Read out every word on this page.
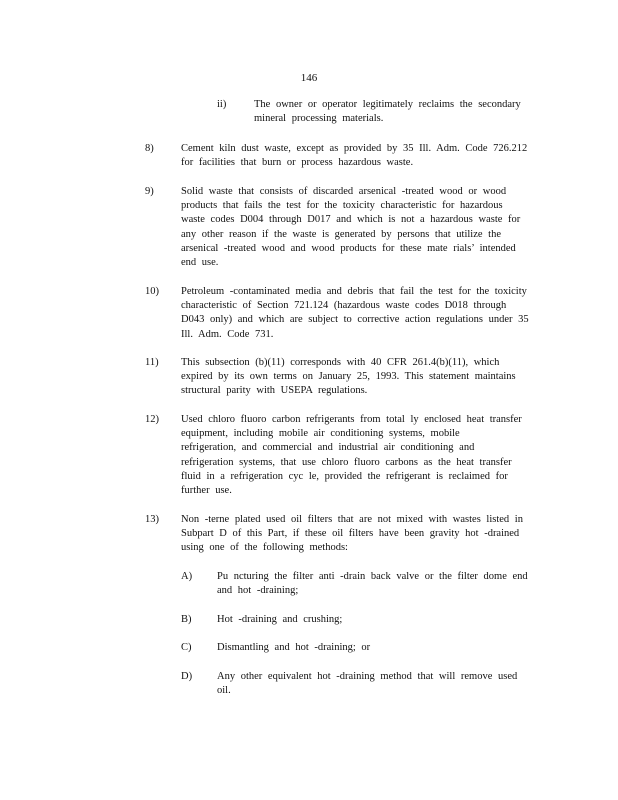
146
ii)	The owner or operator legitimately reclaims the secondary
mineral processing materials.
8)	Cement kiln dust waste, except as provided by 35 Ill. Adm. Code 726.212
for facilities that burn or process hazardous waste.
9)	Solid waste that consists of discarded arsenical -treated wood or wood
products that fails the test for the toxicity characteristic for hazardous
waste codes D004 through D017 and which is not a hazardous waste for
any other reason if the waste is generated by persons that utilize the
arsenical -treated wood and wood products for these mate rials’ intended
end use.
10) Petroleum -contaminated media and debris that fail the test for the toxicity
characteristic of Section 721.124 (hazardous waste codes D018 through
D043 only) and which are subject to corrective action regulations under 35
Ill. Adm. Code 731.
11) This subsection (b)(11) corresponds with 40 CFR 261.4(b)(11), which
expired by its own terms on January 25, 1993. This statement maintains
structural parity with USEPA regulations.
12) Used chloro fluoro carbon refrigerants from total ly enclosed heat transfer
equipment, including mobile air conditioning systems, mobile
refrigeration, and commercial and industrial air conditioning and
refrigeration systems, that use chloro fluoro carbons as the heat transfer
fluid in a refrigeration cyc le, provided the refrigerant is reclaimed for
further use.
13) Non -terne plated used oil filters that are not mixed with wastes listed in
Subpart D of this Part, if these oil filters have been gravity hot -drained
using one of the following methods:
A) Pu ncturing the filter anti -drain back valve or the filter dome end
and hot -draining;
B) Hot -draining and crushing;
C) Dismantling and hot -draining; or
D) Any other equivalent hot -draining method that will remove used
oil.
